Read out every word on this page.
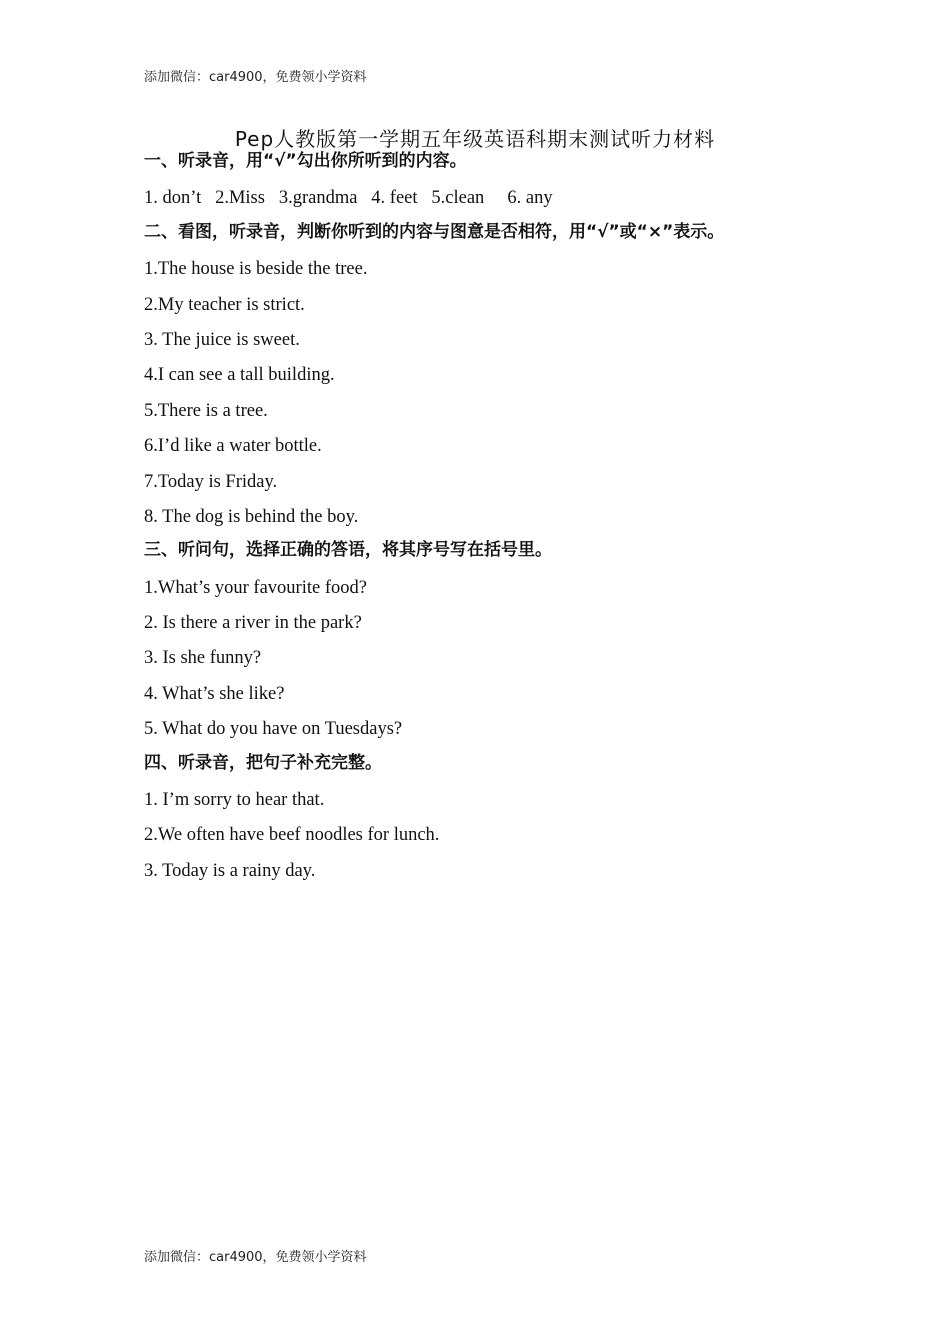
添加微信：car4900，免费领小学资料
Pep人教版第一学期五年级英语科期末测试听力材料
一、听录音，用“√”勾出你所听到的内容。
1. don’t   2.Miss   3.grandma   4. feet   5.clean     6. any
二、看图，听录音，判断你听到的内容与图意是否相符，用“√”或“×”表示。
1.The house is beside the tree.
2.My teacher is strict.
3. The juice is sweet.
4.I can see a tall building.
5.There is a tree.
6.I’d like a water bottle.
7.Today is Friday.
8. The dog is behind the boy.
三、听问句，选择正确的答语，将其序号写在括号里。
1.What’s your favourite food?
2. Is there a river in the park?
3. Is she funny?
4. What’s she like?
5. What do you have on Tuesdays?
四、听录音，把句子补充完整。
1. I’m sorry to hear that.
2.We often have beef noodles for lunch.
3. Today is a rainy day.
添加微信：car4900，免费领小学资料
